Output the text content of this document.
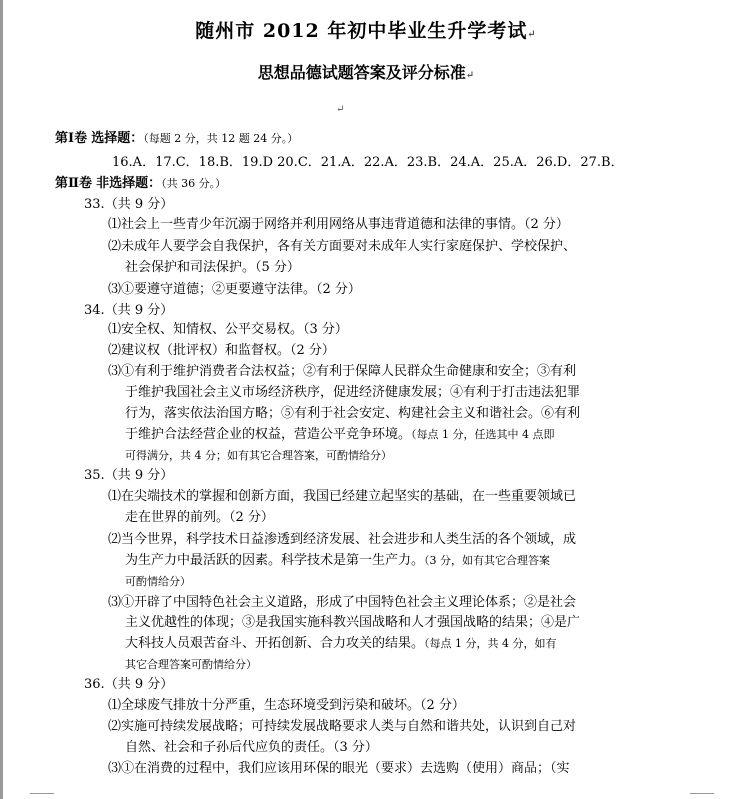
随州市 2012 年初中毕业生升学考试↵
思想品德试题答案及评分标准↵
↵
第Ⅰ卷 选择题：（每题 2 分，共 12 题 24 分。）
16.A．17.C．18.B．19.D 20.C．21.A．22.A．23.B．24.A．25.A．26.D．27.B．
第Ⅱ卷 非选择题：（共 36 分。）
33.（共 9 分）
⑴社会上一些青少年沉溺于网络并利用网络从事违背道德和法律的事情。（2 分）
⑵未成年人要学会自我保护，各有关方面要对未成年人实行家庭保护、学校保护、
社会保护和司法保护。（5 分）
⑶①要遵守道德；②更要遵守法律。（2 分）
34.（共 9 分）
⑴安全权、知情权、公平交易权。（3 分）
⑵建议权（批评权）和监督权。（2 分）
⑶①有利于维护消费者合法权益；②有利于保障人民群众生命健康和安全；③有利
于维护我国社会主义市场经济秩序，促进经济健康发展；④有利于打击违法犯罪
行为，落实依法治国方略；⑤有利于社会安定、构建社会主义和谐社会。⑥有利
于维护合法经营企业的权益，营造公平竞争环境。（每点 1 分，任选其中 4 点即
可得满分，共 4 分；如有其它合理答案，可酌情给分）
35.（共 9 分）
⑴在尖端技术的掌握和创新方面，我国已经建立起坚实的基础，在一些重要领域已
走在世界的前列。（2 分）
⑵当今世界，科学技术日益渗透到经济发展、社会进步和人类生活的各个领域，成
为生产力中最活跃的因素。科学技术是第一生产力。（3 分，如有其它合理答案
可酌情给分）
⑶①开辟了中国特色社会主义道路，形成了中国特色社会主义理论体系；②是社会
主义优越性的体现；③是我国实施科教兴国战略和人才强国战略的结果；④是广
大科技人员艰苦奋斗、开拓创新、合力攻关的结果。（每点 1 分，共 4 分，如有
其它合理答案可酌情给分）
36.（共 9 分）
⑴全球废气排放十分严重，生态环境受到污染和破坏。（2 分）
⑵实施可持续发展战略；可持续发展战略要求人类与自然和谐共处，认识到自己对
自然、社会和子孙后代应负的责任。（3 分）
⑶①在消费的过程中，我们应该用环保的眼光（要求）去选购（使用）商品；（实
